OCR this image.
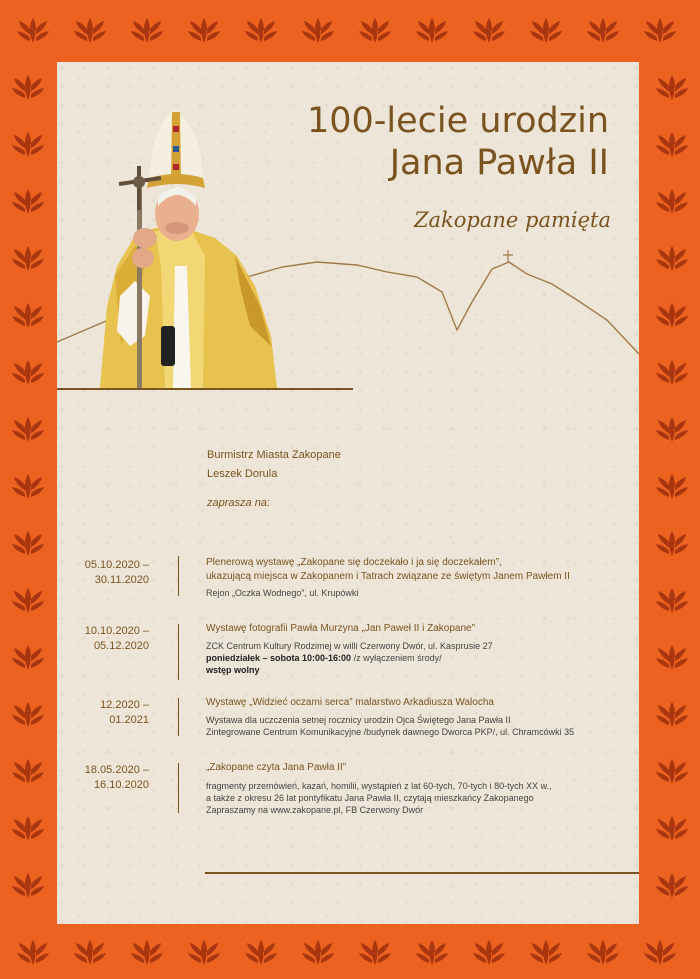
100-lecie urodzin
Jana Pawła II
Zakopane pamięta
Burmistrz Miasta Zakopane
Leszek Dorula
zaprasza na:
05.10.2020 –
30.11.2020
Plenerową wystawę „Zakopane się doczekało i ja się doczekałem”,
ukazującą miejsca w Zakopanem i Tatrach związane ze świętym Janem Pawłem II
Rejon „Oczka Wodnego”, ul. Krupówki
10.10.2020 –
05.12.2020
Wystawę fotografii Pawła Murzyna „Jan Paweł II i Zakopane”
ZCK Centrum Kultury Rodzimej w willi Czerwony Dwór, ul. Kasprusie 27
poniedziałek – sobota 10:00-16:00 /z wyłączeniem środy/
wstęp wolny
12.2020 –
01.2021
Wystawę „Widzieć oczami serca” malarstwo Arkadiusza Walocha
Wystawa dla uczczenia setnej rocznicy urodzin Ojca Świętego Jana Pawła II
Zintegrowane Centrum Komunikacyjne /budynek dawnego Dworca PKP/, ul. Chramcówki 35
18.05.2020 –
16.10.2020
„Zakopane czyta Jana Pawła II”
fragmenty przemówień, kazań, homilii, wystąpień z lat 60-tych, 70-tych i 80-tych XX w.,
a także z okresu 26 lat pontyfikatu Jana Pawła II, czytają mieszkańcy Zakopanego
Zapraszamy na www.zakopane.pl, FB Czerwony Dwór
